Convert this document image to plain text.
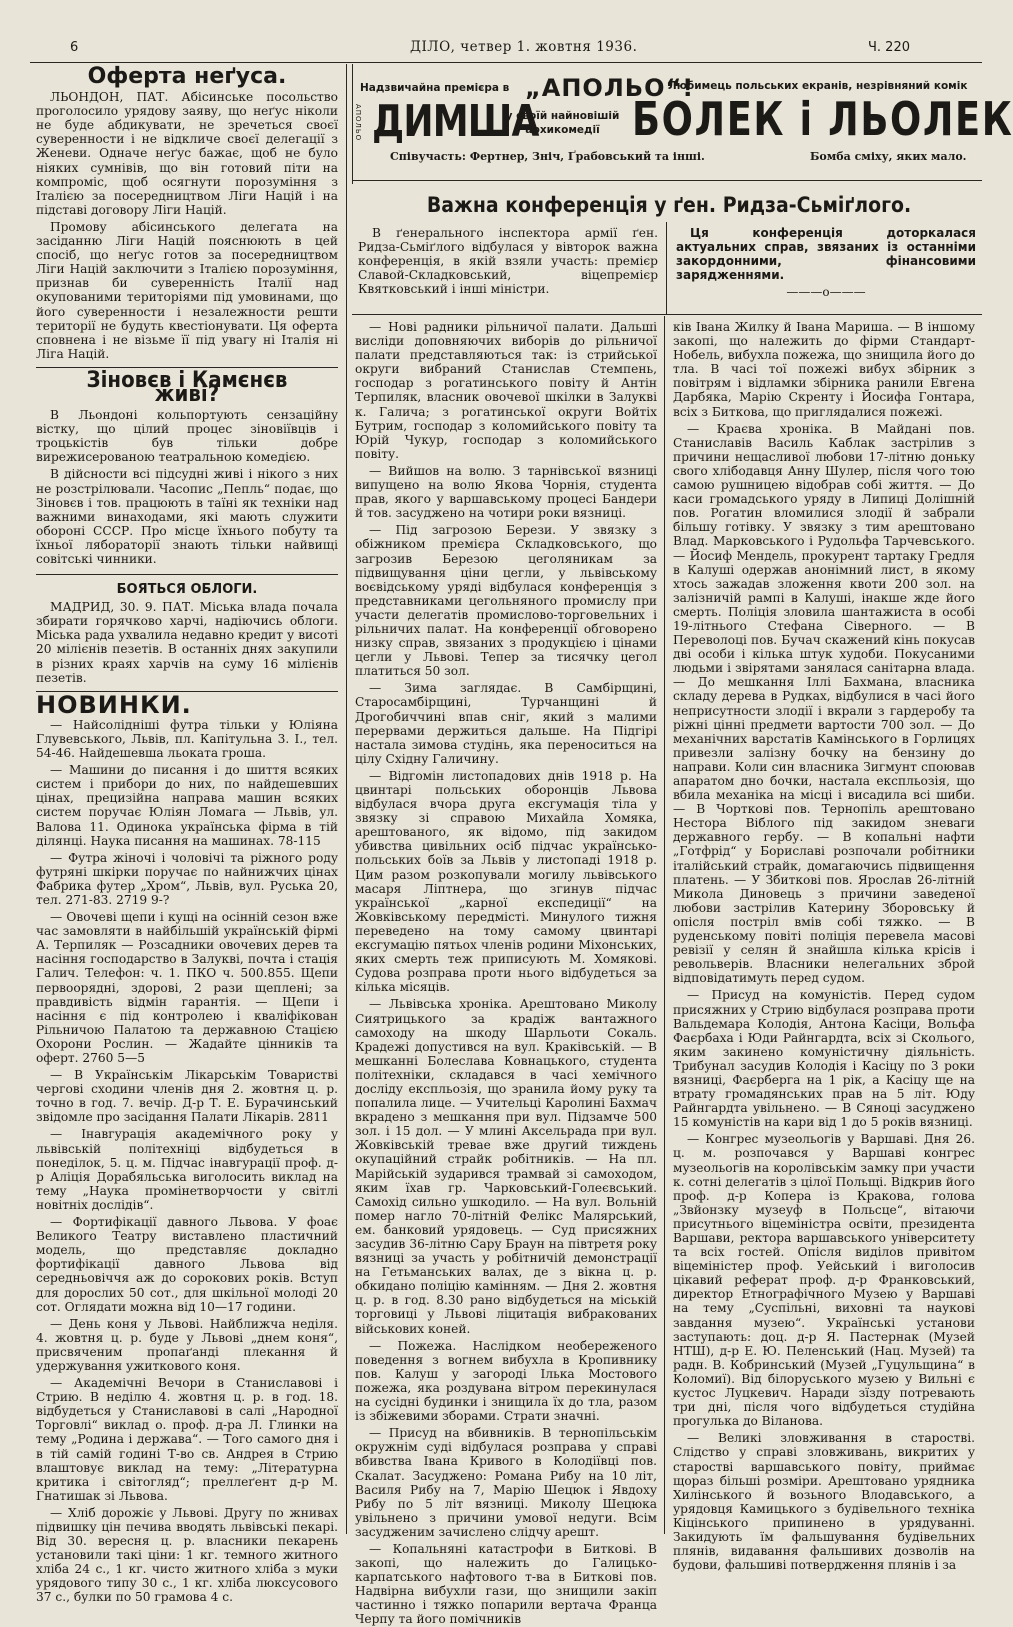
6	ДІЛО, четвер 1. жовтня 1936.	Ч. 220
Надзвичайна премієра в „АПОЛЬО“!
АПОЛЬО ДИМША
у своїй найновішій
архикомедії
Любимець польських екранів, незрівняний комік
БОЛЕК і ЛЬОЛЕК
Співучасть: Фертнер, Зніч, Ґрабовський та інші.	Бомба сміху, яких мало.
Оферта неґуса.

ЛЬОНДОН, ПАТ. Абісинське посольство проголосило урядову заяву, що неґус ніколи не буде абдикувати, не зречеться своєї суверенности і не відкличе своєї делегації з Женеви. Одначе неґус бажає, щоб не було ніяких сумнівів, що він готовий піти на компроміс, щоб осягнути порозуміння з Італією за посередництвом Ліги Націй і на підставі договору Ліги Націй.

Промову абісинського делегата на засіданню Ліги Націй пояснюють в цей спосіб, що неґус готов за посередництвом Ліги Націй заключити з Італією порозуміння, признав би суверенність Італії над окупованими територіями під умовинами, що його суверенности і незалежности решти території не будуть квестіонувати. Ця оферта сповнена і не візьме її під увагу ні Італія ні Ліга Націй.

Зіновєв і Камєнєв живі?

В Льондоні кольпортують сензаційну вістку, що цілий процес зіновіївців і троцькістів був тільки добре вирежисерованою театральною комедією.

В дійсности всі підсудні живі і нікого з них не розстрілювали. Часопис „Пепль“ подає, що Зіновєв і тов. працюють в таїні як техніки над важними винаходами, які мають служити обороні СССР. Про місце їхнього побуту та їхньої лябораторії знають тільки найвищі совітські чинники.

БОЯТЬСЯ ОБЛОГИ.

МАДРИД, 30. 9. ПАТ. Міська влада почала збирати горячково харчі, надіючись облоги. Міська рада ухвалила недавно кредит у висоті 20 мілієнів пезетів. В останніх днях закупили в різних краях харчів на суму 16 мілієнів пезетів.

НОВИНКИ.

— Найсолідніші футра тільки у Юліяна Глувевського, Львів, пл. Капітульна 3. І., тел. 54-46. Найдешевша льоката гроша.

— Машини до писання і до шиття всяких систем і прибори до них, по найдешевших цінах, прецизійна направа машин всяких систем поручає Юліян Ломага — Львів, ул. Валова 11. Одинока українська фірма в тій ділянці. Наука писання на машинах. 78-115

— Футра жіночі і чоловічі та ріжного роду футряні шкірки поручає по найнижчих цінах Фабрика футер „Хром“, Львів, вул. Руська 20, тел. 271-83. 2719 9-?

— Овочеві щепи і кущі на осінній сезон вже час замовляти в найбільшій українській фірмі А. Терпиляк — Розсадники овочевих дерев та насіння господарство в Залуквi, почта і стація Галич. Телефон: ч. 1. ПКО ч. 500.855. Щепи первоорядні, здорові, 2 рази щеплені; за правдивість відмін гарантія. — Щепи і насіння є під контролею і кваліфікован Рільничою Палатою та державною Стацією Охорони Рослин. — Жадайте цінників та оферт. 2760 5—5

— В Українськім Лікарськім Товаристві черговi сходини членів дня 2. жовтня ц. р. точно в год. 7. вечір. Д-р Т. Е. Бурачинський звідомле про засідання Палати Лікарів. 2811

— Інавгурація академічного року у львівській політехніці відбудеться в понеділок, 5. ц. м. Підчас інавгурації проф. д-р Аліція Дорабяльська виголосить виклад на тему „Наука промінетворчости у світлі новітніх дослідів“.

— Фортифікації давного Львова. У фоає Великого Театру виставлено пластичний модель, що представляє докладно фортифікації давного Львова від середньовіччя аж до сорокових років. Вступ для дорослих 50 сот., для шкільної молоді 20 сот. Оглядати можна від 10—17 години.

— День коня у Львові. Найближча неділя. 4. жовтня ц. р. буде у Львові „днем коня“, присвяченим пропаґанді плекання й удержування ужиткового коня.

— Академічні Вечори в Станиславові і Стрию. В неділю 4. жовтня ц. р. в год. 18. відбудеться у Станиславові в салі „Народної Торговлі“ виклад о. проф. д-ра Л. Глинки на тему „Родина і держава“. — Того самого дня і в тій самій годині Т-во св. Андрея в Стрию влаштовує виклад на тему: „Літературна критика і світогляд“; преллеґент д-р М. Гнатишак зі Львова.

— Хліб дорожіє у Львові. Другу по жнивах підвишку цін печива вводять львівські пекарі. Від 30. вересня ц. р. власники пекарень установили такі ціни: 1 кг. темного житного хліба 24 с., 1 кг. чисто житного хліба з муки урядового типу 30 с., 1 кг. хліба люксусового 37 с., булки по 50 грамова 4 с.

Важна конференція у ґен. Ридза-Сьміґлого.

В ґенеральнoго інспектора армії ґен. Ридза-Сьміґлого відбулася у вівторок важна конференція, в якій взяли участь: премієр Славой-Складковський, віцепремієр Квятковський і інші мiністри.

Ця конференція доторкалася актуальних справ, звязаних із останніми закордонними, фінансовими зарядженнями.

———o———

— Нові радники рільничої палати. Дальші висліди доповняючих виборів до рільничої палати представляються так: із стрийської округи вибраний Станислав Стемпень, господар з рогатинського повіту й Антін Терпиляк, власник овочевої шкілки в Залуквi к. Галича; з рогатинської округи Войтіх Бутрим, господар з коломийського повіту та Юрій Чукур, господар з коломийського повіту.

— Вийшов на волю. З тарнівської вязниці випущено на волю Якова Чорнія, студента прав, якого у варшавському процесі Бандери й тов. засуджено на чотири роки вязниці.

— Під загрозою Берези. У звязку з обіжником премієра Складковського, що загрозив Березою цеголяникам за підвищування ціни цегли, у львівському воєвідському уряді відбулася конференція з представниками цегольняного промислу при участи делегатів промислово-торговельних і рільничих палат. На конференції обговорено низку справ, звязаних з продукцією і цінами цегли у Львові. Тепер за тисячку цегол платиться 50 зол.

— Зима заглядає. В Самбірщині, Старосамбірщині, Турчанщині й Дрогобиччині впав сніг, який з малими перервами держиться дальше. На Підгірі настала зимова студінь, яка переноситься на цілу Східну Галичину.

— Відгомін листопадових днів 1918 р. На цвинтарі польських оборонців Львова відбулася вчора друга ексгумація тіла у звязку зі справою Михайла Хомяка, арештованого, як відомо, під закидом убивства цивільних осіб підчас українсько-польських боїв за Львів у листопаді 1918 р. Цим разом розкопували могилу львівського масаря Ліптнера, що згинув підчас української „карної експедиції“ на Жовківському передмісті. Минулого тижня переведено на тому самому цвинтарі ексгумацію пятьох членів родини Міхонських, яких смерть теж приписують М. Хомякові. Судова розправа проти нього відбудеться за кілька місяців.

— Львівська хроніка. Арештовано Миколу Сиятрицького за крадіж вантажного самоходу на шкоду Шарльоти Сокаль. Крадежі допустився на вул. Краківській. — В мешканні Болеслава Ковнацького, студента політехніки, складався в часі хемічного досліду експльозія, що зранила йому руку та попалила лице. — Учительці Каролині Бахмач вкрадено з мешкання при вул. Підзамче 500 зол. і 15 дол. — У млині Аксельрада при вул. Жовківській тревае вже другий тиждень окупаційний страйк робітників. — На пл. Марійській зударився трамвай зі самоходом, яким їхав гр. Чарковський-Голеєвський. Самохід сильно ушкодило. — На вул. Вольній помер нагло 70-літній Фелікс Малярський, ем. банковий урядовець. — Суд присяжних засудив 36-літню Сару Браун на півтретя року вязниці за участь у робітничій демонстрації на Гетьманських валах, де з вікна ц. р. обкидано поліцію камінням. — Дня 2. жовтня ц. р. в год. 8.30 рано відбудеться на міській торговиці у Львові ліцитація вибракованих військових коней.

— Пожежа. Наслідком необереженого поведення з вогнем вибухла в Кропивнику пов. Калуш у загороді Ілька Мостового пожежа, яка роздувана вітром перекинулася на сусідні будинки і знищила їх до тла, разом із збіжевими зборами. Страти значні.

— Присуд на вбивників. В тернопільськім окружнім суді відбулася розправа у справі вбивства Івана Кривого в Колодіївці пов. Скалат. Засуджено: Романа Рибу на 10 літ, Василя Рибу на 7, Марію Шецюк і Явдоху Рибу по 5 літ вязниці. Миколу Шецюка увільнено з причини умової недуги. Всім засудженим зачислено слідчу арешт.

— Копальняні катастрофи в Биткові. В закопі, що належить до Галицько-карпатського нафтового т-ва в Биткові пов. Надвірна вибухли гази, що знищили закіп частинно і тяжко попарили вертача Франца Черпу та його помічників

ків Івана Жилку й Івана Мариша. — В іншому закопі, що належить до фірми Стандарт-Нобель, вибухла пожежа, що знищила його до тла. В часі тої пожежі вибух збірник з повітрям і відламки збірника ранили Евгена Дарбяка, Марію Скренту і Йосифа Гонтара, всіх з Биткова, що приглядалися пожежі.

— Краєва хроніка. В Майдані пов. Станиславів Василь Каблак застрілив з причини нещасливої любови 17-літню доньку свого хлібодавця Анну Шулер, після чого тою самою рушницею відобрав собі життя. — До каси громадського уряду в Липиці Долішній пов. Рогатин вломилися злодії й забрали більшу готівку. У звязку з тим арештовано Влад. Марковського і Рудольфа Тарчевського. — Йосиф Мендель, прокурент тартаку Гредля в Калуші одержав анонімний лист, в якому хтось зажадав зложення квоти 200 зол. на залізничій рампі в Калуші, інакше жде його смерть. Поліція зловила шантажиста в особі 19-літнього Стефана Сіверного. — В Переволоці пов. Бучач скажений кінь покусав двi особи і кілька штук худоби. Покусаними людьми і звірятами занялася санітарна влада. — До мешкання Іллі Бахмана, власника складу дерева в Рудках, відбулися в часі його неприсутности злодії і вкрали з гардеробу та ріжні цінні предмети вартости 700 зол. — До механічних варстатів Камінського в Горлицях привезли залізну бочку на бензину до направи. Коли син власника Зигмунт споював апаратом дно бочки, настала експльозія, що вбила механіка на місці і висадила всі шиби. — В Чорткові пов. Тернопіль арештовано Нестора Віблого під закидом зневаги державного гербу. — В копальні нафти „Готфрід“ у Бориславі розпочали робітники італійський страйк, домагаючись підвищення платень. — У Збиткові пов. Ярослав 26-літній Микола Диновець з причини заведеної любови застрілив Катерину Зборовську й опісля постріл вмів собі тяжко. — В руденському повіті поліція перевела масові ревізії у селян й знайшла кілька крісів і револьверів. Власники нелегальних зброй відповідатимуть перед судом.

— Присуд на комуністів. Перед судом присяжних у Стрию відбулася розправа проти Вальдемара Колодія, Антона Касіци, Вольфа Фаєрбаха і Юди Райнгардта, всіх зі Сколього, яким закинено комуністичну діяльність. Трибунал засудив Колодія і Касіцу по 3 роки вязниці, Фаєрберга на 1 рік, а Касіцу ще на втрату громадянських прав на 5 літ. Юду Райнгардта увільнено. — В Сяноці засуджено 15 комуністів на кари від 1 до 5 років вязниці.

— Конгрес музеольогів у Варшаві. Дня 26. ц. м. розпочався у Варшаві конгрес музеольогів на королівськім замку при участи к. сотні делегатів з цілої Польщі. Відкрив його проф. д-р Копера із Кракова, голова „Звйонзку музеуф в Польсце“, вітаючи присутнього віцеміністра освіти, президента Варшави, ректора варшавського університету та всіх гостей. Опісля виділов привітом віцеміністер проф. Уейський і виголосив цікавий реферат проф. д-р Франковський, директор Етнографічного Музею у Варшаві на тему „Суспільні, виховні та наукові завдання музею“. Українські установи заступають: доц. д-р Я. Пастернак (Музей НТШ), д-р Е. Ю. Пеленський (Нац. Музей) та радн. В. Кобринський (Музей „Гуцульщина“ в Коломиї). Від білоруського музею у Вильні є кустос Луцкевич. Наради зїзду потревають три дні, після чого відбудеться студійна прогулька до Віланова.

— Великі зловживання в старостві. Слідство у справі зловживань, викритих у старостві варшавського повіту, приймає щораз більші розміри. Арештовано урядника Хилінського й возьного Влодавського, а урядовця Камицького з будівельного техніка Кіцінського припинено в урядуванні. Закидують їм фальшування будівельних плянів, видавання фальшивих дозволів на будови, фальшиві потвердження плянів і за
